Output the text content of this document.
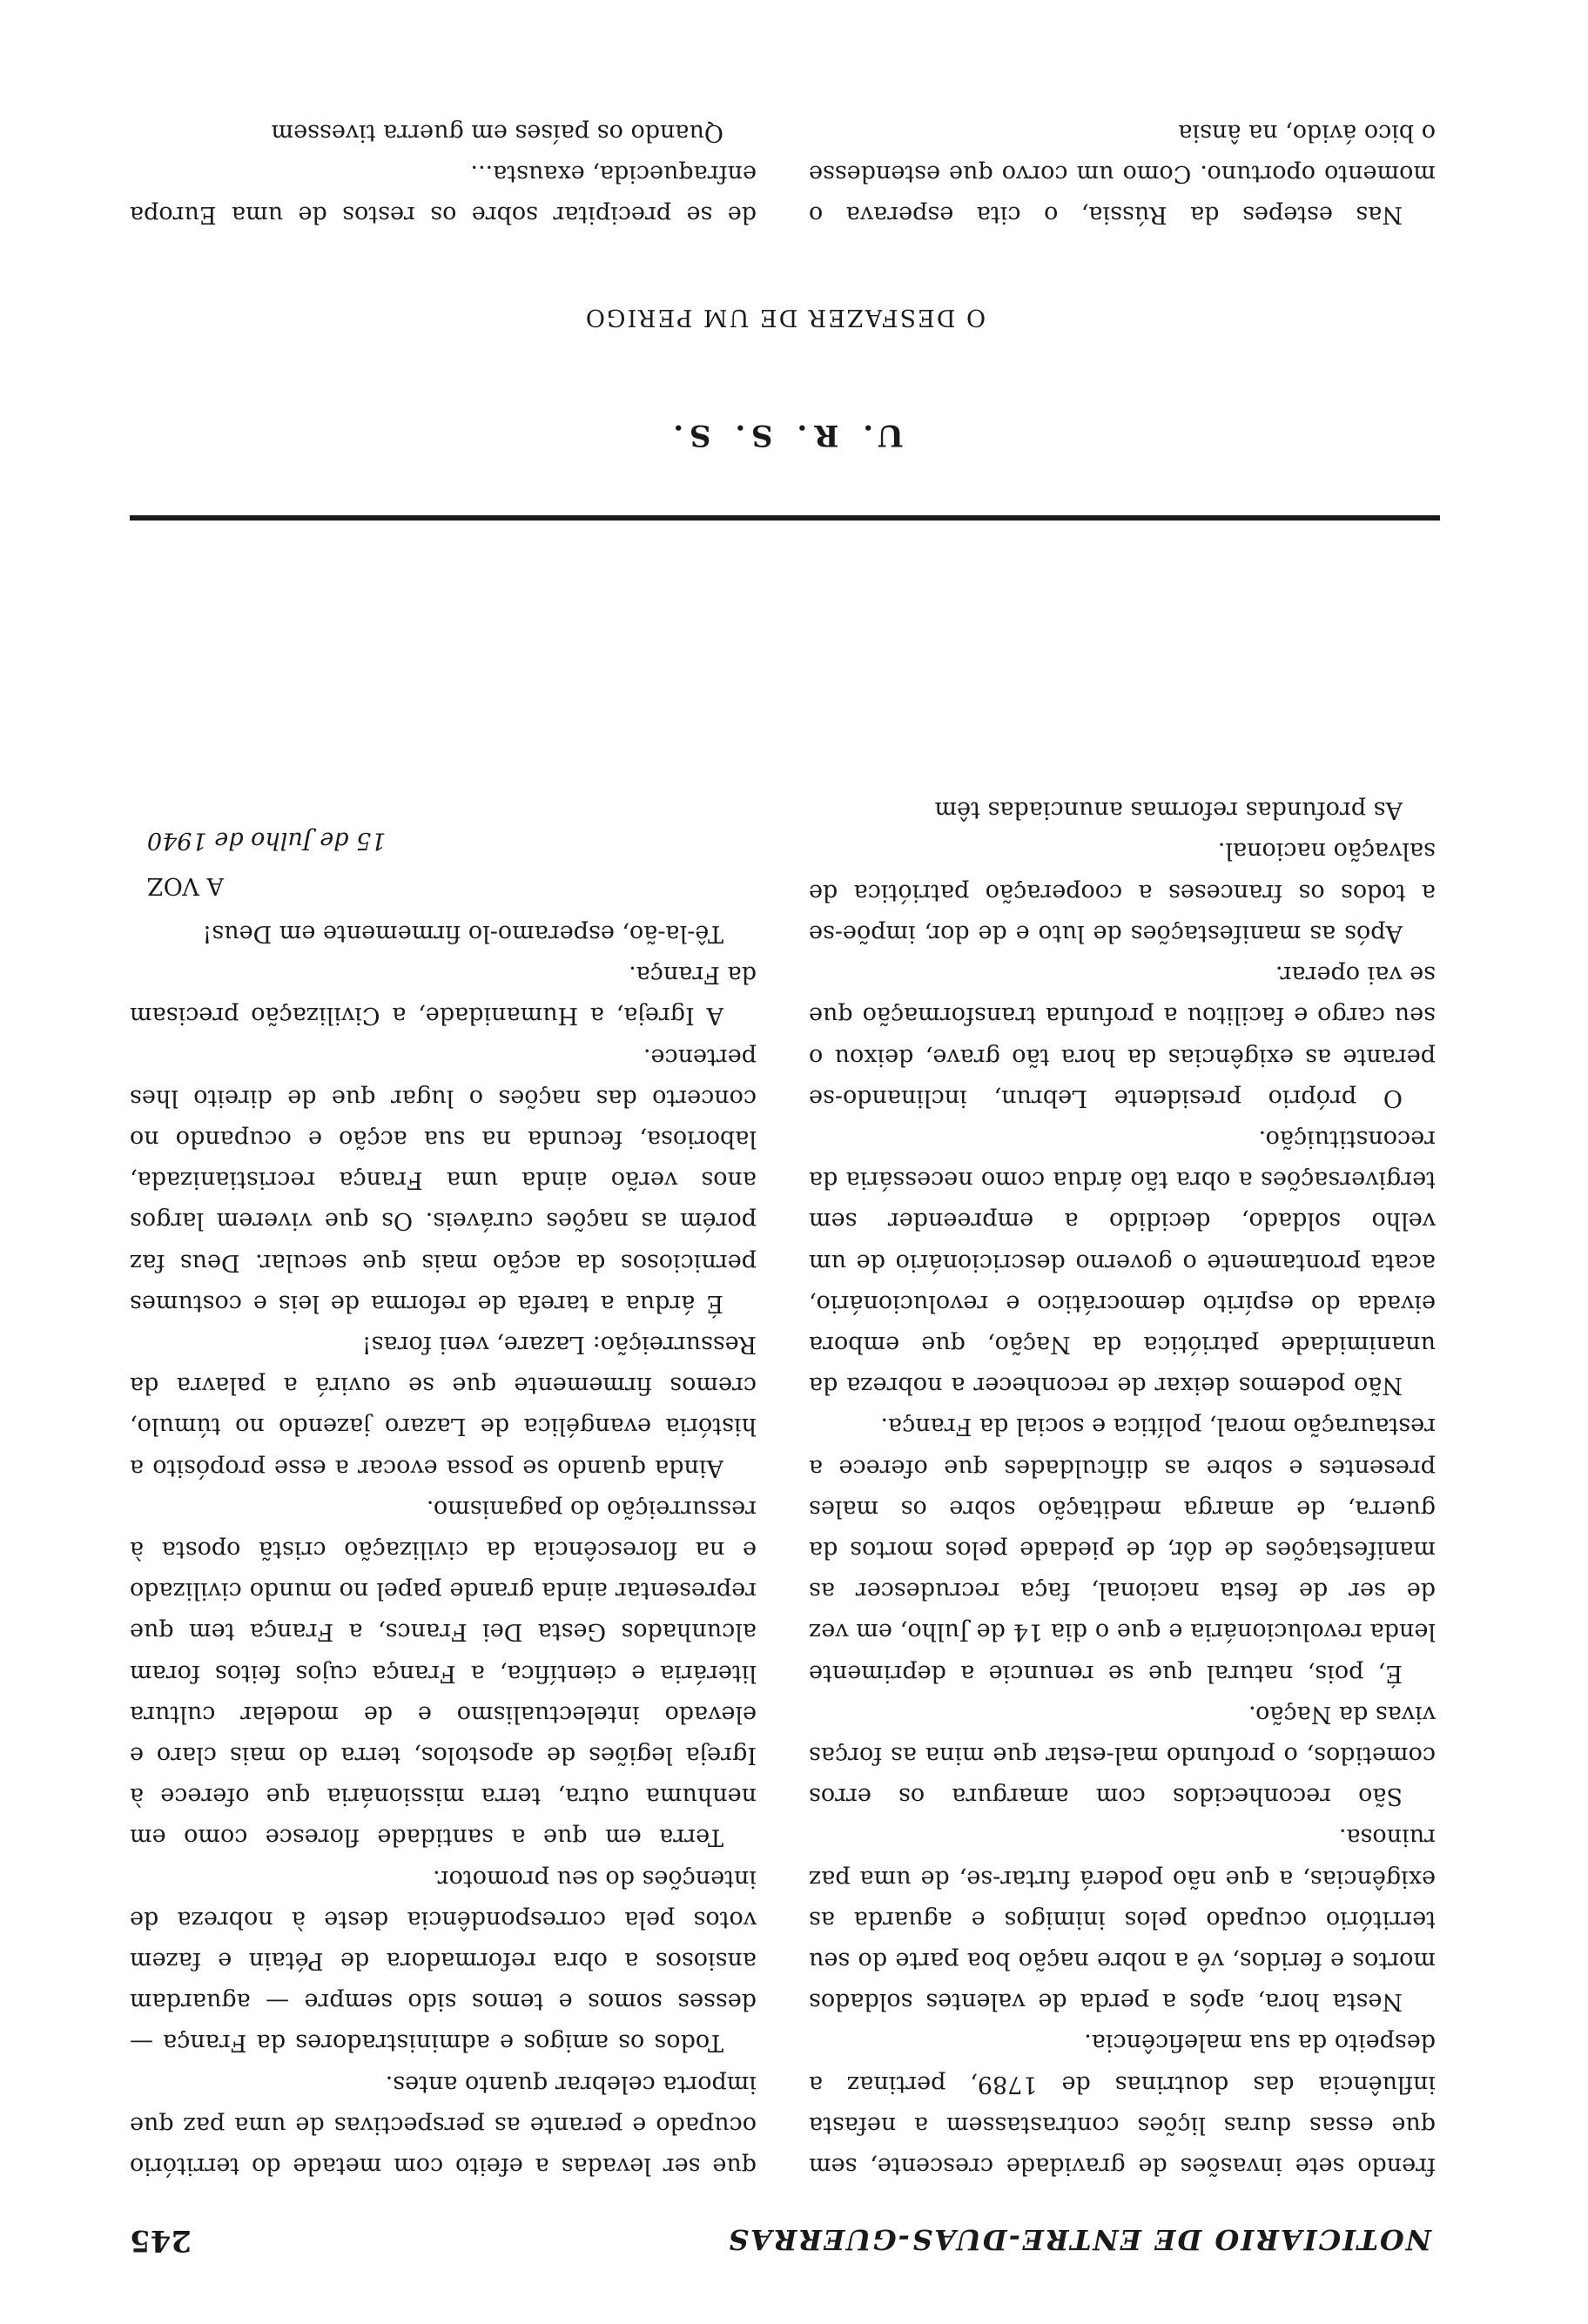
NOTICIARIO DE ENTRE-DUAS-GUERRAS
245

frendo sete invasões de gravidade crescente, sem que essas duras lições contrastassem a nefasta influência das doutrinas de 1789, pertinaz a despeito da sua maleficência.

Nesta hora, após a perda de valentes soldados mortos e feridos, vê a nobre nação boa parte do seu território ocupado pelos inimigos e aguarda as exigências, a que não poderá furtar-se, de uma paz ruinosa.

São reconhecidos com amargura os erros cometidos, o profundo mal-estar que mina as forças vivas da Nação.

É, pois, natural que se renuncie a deprimente lenda revolucionária e que o dia 14 de Julho, em vez de ser de festa nacional, faça recrudescer as manifestações de dôr, de piedade pelos mortos da guerra, de amarga meditação sobre os males presentes e sobre as dificuldades que oferece a restauração moral, política e social da França.

Não podemos deixar de reconhecer a nobreza da unanimidade patriótica da Nação, que embora eivada do espírito democrático e revolucionário, acata prontamente o governo descricionário de um velho soldado, decidido a empreender sem tergiversações a obra tão árdua como necessária da reconstituição.

O próprio presidente Lebrun, inclinando-se perante as exigências da hora tão grave, deixou o seu cargo e facilitou a profunda transformação que se vai operar.

Após as manifestações de luto e de dor, impõe-se a todos os franceses a cooperação patriótica de salvação nacional.

As profundas reformas anunciadas têm

que ser levadas a efeito com metade do território ocupado e perante as perspectivas de uma paz que importa celebrar quanto antes.

Todos os amigos e administradores da França — desses somos e temos sido sempre — aguardam ansiosos a obra reformadora de Pétain e fazem votos pela correspondência deste à nobreza de intenções do seu promotor.

Terra em que a santidade floresce como em nenhuma outra, terra missionária que oferece à Igreja legiões de apostolos, terra do mais claro e elevado intelectualismo e de modelar cultura literária e científica, a França cujos feitos foram alcunhados Gesta Dei Francs, a França tem que representar ainda grande papel no mundo civilizado e na florescência da civilização cristã oposta à ressurreição do paganismo.

Ainda quando se possa evocar a esse propósito a história evangélica de Lazaro jazendo no túmulo, cremos firmemente que se ouvirá a palavra da Ressurreição: Lazare, veni foras!

É árdua a tarefa de reforma de leis e costumes perniciosos da acção mais que secular. Deus faz porém as nações curáveis. Os que viverem largos anos verão ainda uma França recristianizada, laboriosa, fecunda na sua acção e ocupando no concerto das nações o lugar que de direito lhes pertence.

A Igreja, a Humanidade, a Civilização precisam da França.

Tê-la-ão, esperamo-lo firmemente em Deus!

A VOZ
15 de Julho de 1940
U. R. S. S.
O DESFAZER DE UM PERIGO

Nas estepes da Rússia, o cita esperava o momento oportuno. Como um corvo que estendesse o bico ávido, na ânsia

de se precipitar sobre os restos de uma Europa enfraquecida, exausta...

Quando os países em guerra tivessem
